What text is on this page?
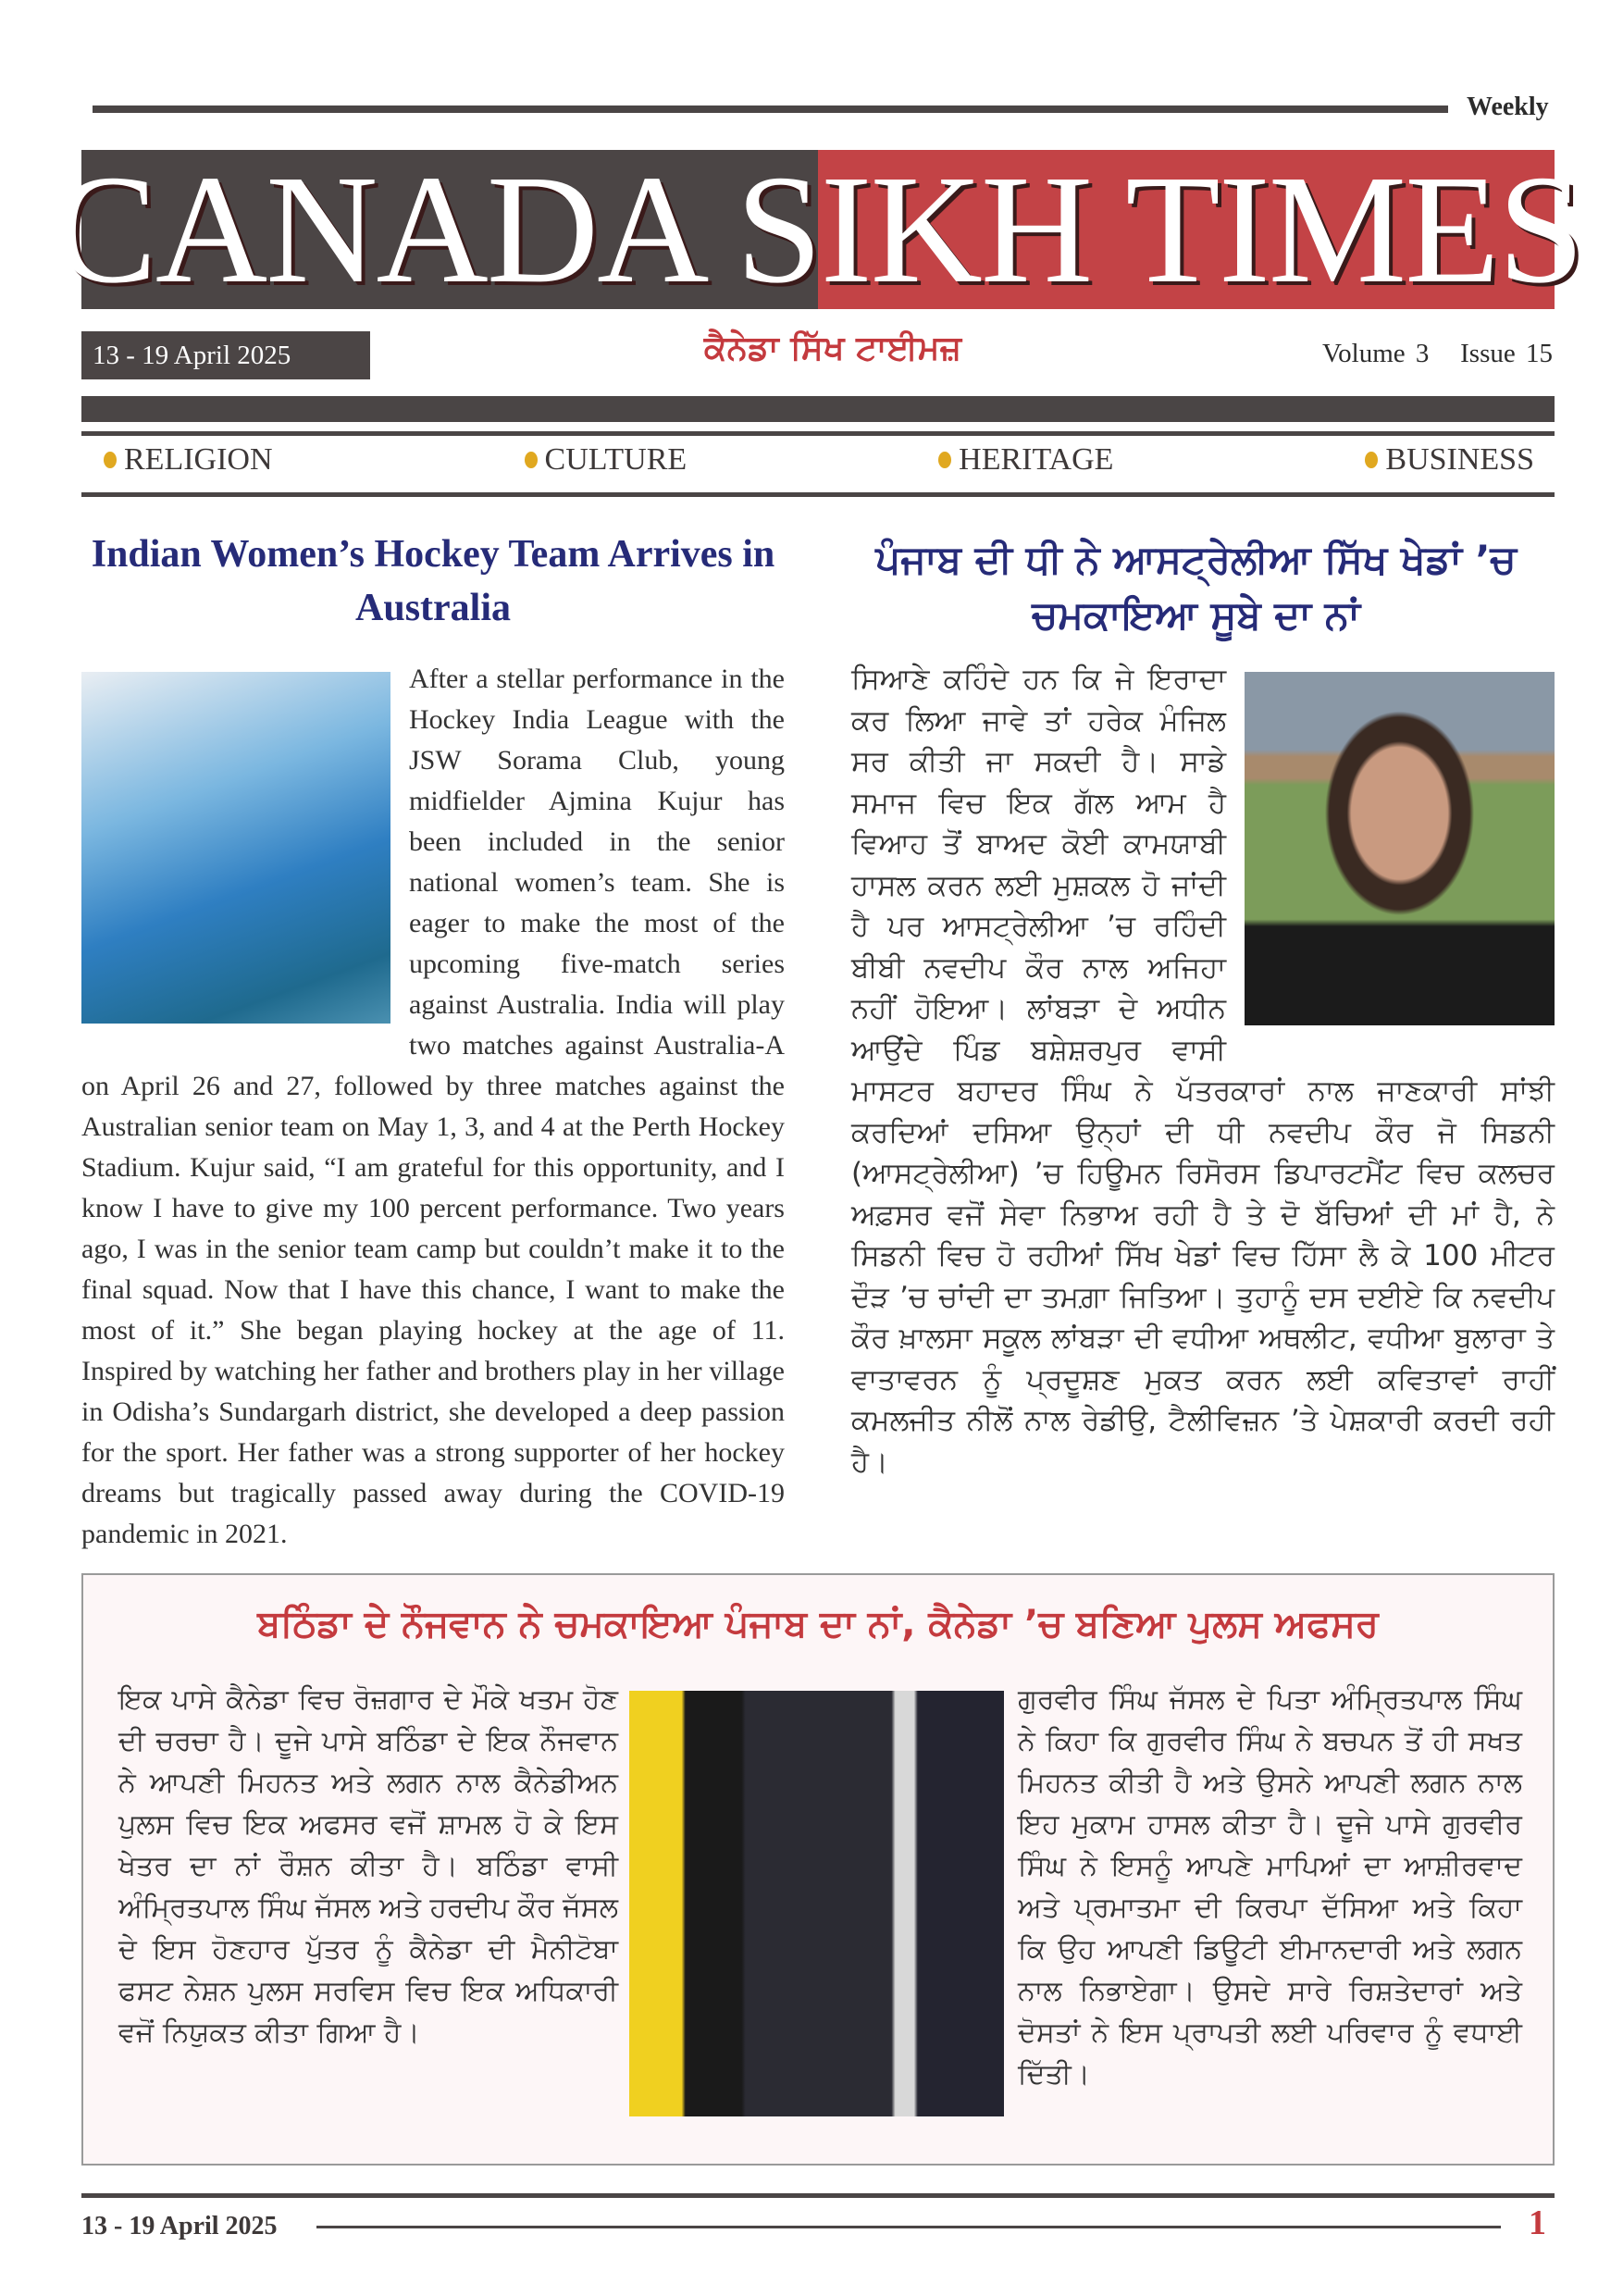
Weekly
CANADA SIKH TIMES
13 - 19 April 2025	ਕੈਨੇਡਾ ਸਿੱਖ ਟਾਈਮਜ਼	Volume 3 Issue 15
RELIGION	CULTURE	HERITAGE	BUSINESS
Indian Women’s Hockey Team Arrives in Australia
After a stellar performance in the Hockey India League with the JSW Sorama Club, young midfielder Ajmina Kujur has been included in the senior national women’s team. She is eager to make the most of the upcoming five-match series against Australia. India will play two matches against Australia-A on April 26 and 27, followed by three matches against the Australian senior team on May 1, 3, and 4 at the Perth Hockey Stadium. Kujur said, “I am grateful for this opportunity, and I know I have to give my 100 percent performance. Two years ago, I was in the senior team camp but couldn’t make it to the final squad. Now that I have this chance, I want to make the most of it.” She began playing hockey at the age of 11. Inspired by watching her father and brothers play in her village in Odisha’s Sundargarh district, she developed a deep passion for the sport. Her father was a strong supporter of her hockey dreams but tragically passed away during the COVID-19 pandemic in 2021.
ਪੰਜਾਬ ਦੀ ਧੀ ਨੇ ਆਸਟ੍ਰੇਲੀਆ ਸਿੱਖ ਖੇਡਾਂ ’ਚ ਚਮਕਾਇਆ ਸੂਬੇ ਦਾ ਨਾਂ
ਸਿਆਣੇ ਕਹਿੰਦੇ ਹਨ ਕਿ ਜੇ ਇਰਾਦਾ ਕਰ ਲਿਆ ਜਾਵੇ ਤਾਂ ਹਰੇਕ ਮੰਜਿਲ ਸਰ ਕੀਤੀ ਜਾ ਸਕਦੀ ਹੈ। ਸਾਡੇ ਸਮਾਜ ਵਿਚ ਇਕ ਗੱਲ ਆਮ ਹੈ ਵਿਆਹ ਤੋਂ ਬਾਅਦ ਕੋਈ ਕਾਮਯਾਬੀ ਹਾਸਲ ਕਰਨ ਲਈ ਮੁਸ਼ਕਲ ਹੋ ਜਾਂਦੀ ਹੈ ਪਰ ਆਸਟ੍ਰੇਲੀਆ ’ਚ ਰਹਿੰਦੀ ਬੀਬੀ ਨਵਦੀਪ ਕੌਰ ਨਾਲ ਅਜਿਹਾ ਨਹੀਂ ਹੋਇਆ। ਲਾਂਬੜਾ ਦੇ ਅਧੀਨ ਆਉਂਦੇ ਪਿੰਡ ਬਸ਼ੇਸ਼ਰਪੁਰ ਵਾਸੀ ਮਾਸਟਰ ਬਹਾਦਰ ਸਿੰਘ ਨੇ ਪੱਤਰਕਾਰਾਂ ਨਾਲ ਜਾਣਕਾਰੀ ਸਾਂਝੀ ਕਰਦਿਆਂ ਦਸਿਆ ਉਨ੍ਹਾਂ ਦੀ ਧੀ ਨਵਦੀਪ ਕੌਰ ਜੋ ਸਿਡਨੀ (ਆਸਟ੍ਰੇਲੀਆ) ’ਚ ਹਿਊਮਨ ਰਿਸੋਰਸ ਡਿਪਾਰਟਮੈਂਟ ਵਿਚ ਕਲਚਰ ਅਫ਼ਸਰ ਵਜੋਂ ਸੇਵਾ ਨਿਭਾਅ ਰਹੀ ਹੈ ਤੇ ਦੋ ਬੱਚਿਆਂ ਦੀ ਮਾਂ ਹੈ, ਨੇ ਸਿਡਨੀ ਵਿਚ ਹੋ ਰਹੀਆਂ ਸਿੱਖ ਖੇਡਾਂ ਵਿਚ ਹਿੱਸਾ ਲੈ ਕੇ 100 ਮੀਟਰ ਦੌੜ ’ਚ ਚਾਂਦੀ ਦਾ ਤਮਗ਼ਾ ਜਿਤਿਆ। ਤੁਹਾਨੂੰ ਦਸ ਦਈਏ ਕਿ ਨਵਦੀਪ ਕੌਰ ਖ਼ਾਲਸਾ ਸਕੂਲ ਲਾਂਬੜਾ ਦੀ ਵਧੀਆ ਅਥਲੀਟ, ਵਧੀਆ ਬੁਲਾਰਾ ਤੇ ਵਾਤਾਵਰਨ ਨੂੰ ਪ੍ਰਦੂਸ਼ਣ ਮੁਕਤ ਕਰਨ ਲਈ ਕਵਿਤਾਵਾਂ ਰਾਹੀਂ ਕਮਲਜੀਤ ਨੀਲੋਂ ਨਾਲ ਰੇਡੀਉ, ਟੈਲੀਵਿਜ਼ਨ ’ਤੇ ਪੇਸ਼ਕਾਰੀ ਕਰਦੀ ਰਹੀ ਹੈ।
ਬਠਿੰਡਾ ਦੇ ਨੌਜਵਾਨ ਨੇ ਚਮਕਾਇਆ ਪੰਜਾਬ ਦਾ ਨਾਂ, ਕੈਨੇਡਾ ’ਚ ਬਣਿਆ ਪੁਲਸ ਅਫਸਰ
ਇਕ ਪਾਸੇ ਕੈਨੇਡਾ ਵਿਚ ਰੋਜ਼ਗਾਰ ਦੇ ਮੌਕੇ ਖਤਮ ਹੋਣ ਦੀ ਚਰਚਾ ਹੈ। ਦੂਜੇ ਪਾਸੇ ਬਠਿੰਡਾ ਦੇ ਇਕ ਨੌਜਵਾਨ ਨੇ ਆਪਣੀ ਮਿਹਨਤ ਅਤੇ ਲਗਨ ਨਾਲ ਕੈਨੇਡੀਅਨ ਪੁਲਸ ਵਿਚ ਇਕ ਅਫਸਰ ਵਜੋਂ ਸ਼ਾਮਲ ਹੋ ਕੇ ਇਸ ਖੇਤਰ ਦਾ ਨਾਂ ਰੌਸ਼ਨ ਕੀਤਾ ਹੈ। ਬਠਿੰਡਾ ਵਾਸੀ ਅੰਮ੍ਰਿਤਪਾਲ ਸਿੰਘ ਜੱਸਲ ਅਤੇ ਹਰਦੀਪ ਕੌਰ ਜੱਸਲ ਦੇ ਇਸ ਹੋਣਹਾਰ ਪੁੱਤਰ ਨੂੰ ਕੈਨੇਡਾ ਦੀ ਮੈਨੀਟੋਬਾ ਫਸਟ ਨੇਸ਼ਨ ਪੁਲਸ ਸਰਵਿਸ ਵਿਚ ਇਕ ਅਧਿਕਾਰੀ ਵਜੋਂ ਨਿਯੁਕਤ ਕੀਤਾ ਗਿਆ ਹੈ।
ਗੁਰਵੀਰ ਸਿੰਘ ਜੱਸਲ ਦੇ ਪਿਤਾ ਅੰਮ੍ਰਿਤਪਾਲ ਸਿੰਘ ਨੇ ਕਿਹਾ ਕਿ ਗੁਰਵੀਰ ਸਿੰਘ ਨੇ ਬਚਪਨ ਤੋਂ ਹੀ ਸਖਤ ਮਿਹਨਤ ਕੀਤੀ ਹੈ ਅਤੇ ਉਸਨੇ ਆਪਣੀ ਲਗਨ ਨਾਲ ਇਹ ਮੁਕਾਮ ਹਾਸਲ ਕੀਤਾ ਹੈ। ਦੂਜੇ ਪਾਸੇ ਗੁਰਵੀਰ ਸਿੰਘ ਨੇ ਇਸਨੂੰ ਆਪਣੇ ਮਾਪਿਆਂ ਦਾ ਆਸ਼ੀਰਵਾਦ ਅਤੇ ਪ੍ਰਮਾਤਮਾ ਦੀ ਕਿਰਪਾ ਦੱਸਿਆ ਅਤੇ ਕਿਹਾ ਕਿ ਉਹ ਆਪਣੀ ਡਿਊਟੀ ਈਮਾਨਦਾਰੀ ਅਤੇ ਲਗਨ ਨਾਲ ਨਿਭਾਏਗਾ। ਉਸਦੇ ਸਾਰੇ ਰਿਸ਼ਤੇਦਾਰਾਂ ਅਤੇ ਦੋਸਤਾਂ ਨੇ ਇਸ ਪ੍ਰਾਪਤੀ ਲਈ ਪਰਿਵਾਰ ਨੂੰ ਵਧਾਈ ਦਿੱਤੀ।
13 - 19 April 2025	1
